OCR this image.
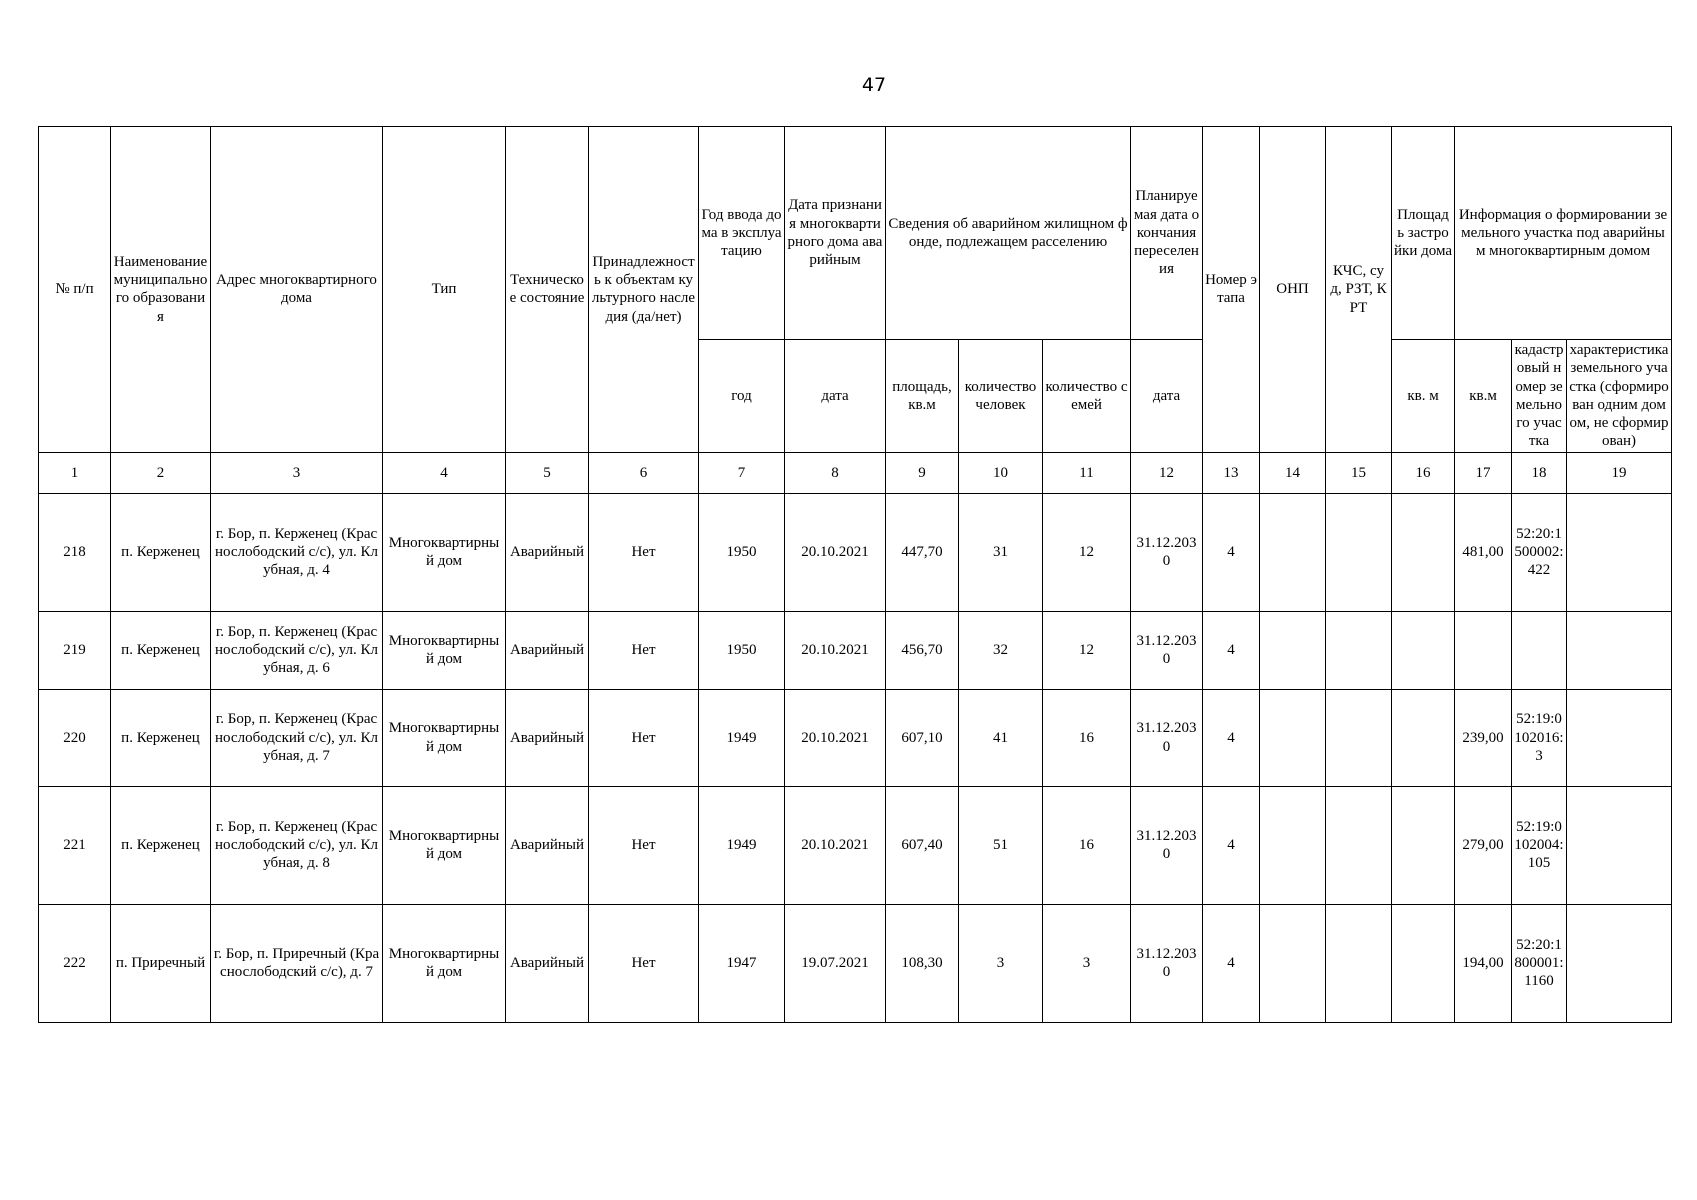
47
№ п/п	Наименование муниципального образования	Адрес многоквартирного дома	Тип	Техническое состояние	Принадлежность к объектам культурного наследия (да/нет)	Год ввода дома в эксплуатацию	Дата признания многоквартирного дома аварийным	Сведения об аварийном жилищном фонде, подлежащем расселению			Планируемая дата окончания переселения	Номер этапа	ОНП	КЧС, суд, РЗТ, КРТ	Площадь застройки дома	Информация о формировании земельного участка под аварийным многоквартирным домом		
						год	дата	площадь, кв.м	количество человек	количество семей	дата				кв. м	кв.м	кадастровый номер земельного участка	характеристика земельного участка (сформирован одним домом, не сформирован)
1	2	3	4	5	6	7	8	9	10	11	12	13	14	15	16	17	18	19
218	п. Керженец	г. Бор, п. Керженец (Краснослободский с/с), ул. Клубная, д. 4	Многоквартирный дом	Аварийный	Нет	1950	20.10.2021	447,70	31	12	31.12.2030	4				481,00	52:20:1500002:422	
219	п. Керженец	г. Бор, п. Керженец (Краснослободский с/с), ул. Клубная, д. 6	Многоквартирный дом	Аварийный	Нет	1950	20.10.2021	456,70	32	12	31.12.2030	4						
220	п. Керженец	г. Бор, п. Керженец (Краснослободский с/с), ул. Клубная, д. 7	Многоквартирный дом	Аварийный	Нет	1949	20.10.2021	607,10	41	16	31.12.2030	4				239,00	52:19:0102016:3	
221	п. Керженец	г. Бор, п. Керженец (Краснослободский с/с), ул. Клубная, д. 8	Многоквартирный дом	Аварийный	Нет	1949	20.10.2021	607,40	51	16	31.12.2030	4				279,00	52:19:0102004:105	
222	п. Приречный	г. Бор, п. Приречный (Краснослободский с/с), д. 7	Многоквартирный дом	Аварийный	Нет	1947	19.07.2021	108,30	3	3	31.12.2030	4				194,00	52:20:1800001:1160	
